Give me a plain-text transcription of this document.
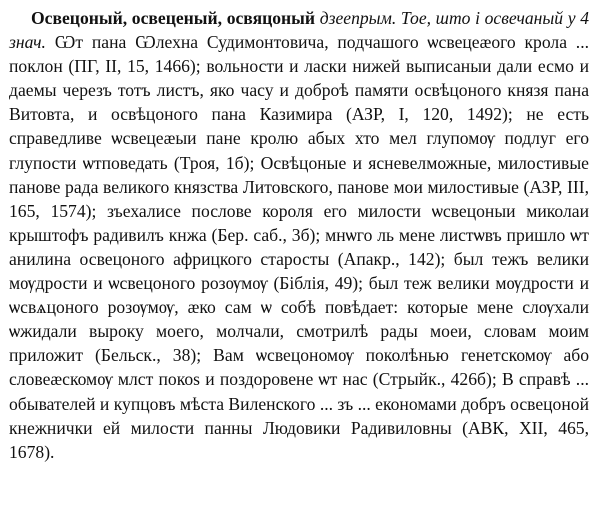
Освецоный, освеценый, освяцоный дзеепрым. Тое, што і освечаный у 4 знач. Ѡт пана Ѡлехна Судимонтовича, подчашого ѡсвецеӕого крола ... поклон (ПГ, II, 15, 1466); вольности и ласки нижей выписаныи дали есмо и даемы черезъ тотъ листъ, яко часу и доброѣ памяти освѣцоного князя пана Витовта, и освѣцоного пана Казимира (АЗР, I, 120, 1492); не есть справедливе ѡсвецеӕыи пане кролю абых хто мел глупомѹ подлуг его глупости ѡтповедать (Троя, 1б); Освѣцоные и ясневелможные, милостивые панове рада великого князства Литовского, панове мои милостивые (АЗР, III, 165, 1574); зъехалисе послове короля его милости ѡсвецоныи миколаи крыштофъ радивилъ кнжа (Бер. саб., 3б); мнѡго ль мене листѡвъ пришло ѡт анилина освецоного африцкого старосты (Апакр., 142); был тежъ велики мѹдрости и ѡсвецоного розѹмѹ (Біблія, 49); был теж велики мѹдрости и ѡсвѧцоного розѹмѹ, ӕко сам ѡ собѣ повѣдает: которые мене слѹхали ѡжидали выроку моего, молчали, смотрилѣ рады моеи, словам моим приложит (Бельск., 38); Вам ѡсвецономѹ поколѣнью генетскомѹ або словеӕскомѹ млст покоѕ и поздоровене ѡт нас (Стрыйк., 426б); В справѣ ... обывателей и купцовъ мѣста Виленского ... зъ ... економами добръ освецоной кнежнички ей милости панны Людовики Радивиловны (АВК, XII, 465, 1678).
